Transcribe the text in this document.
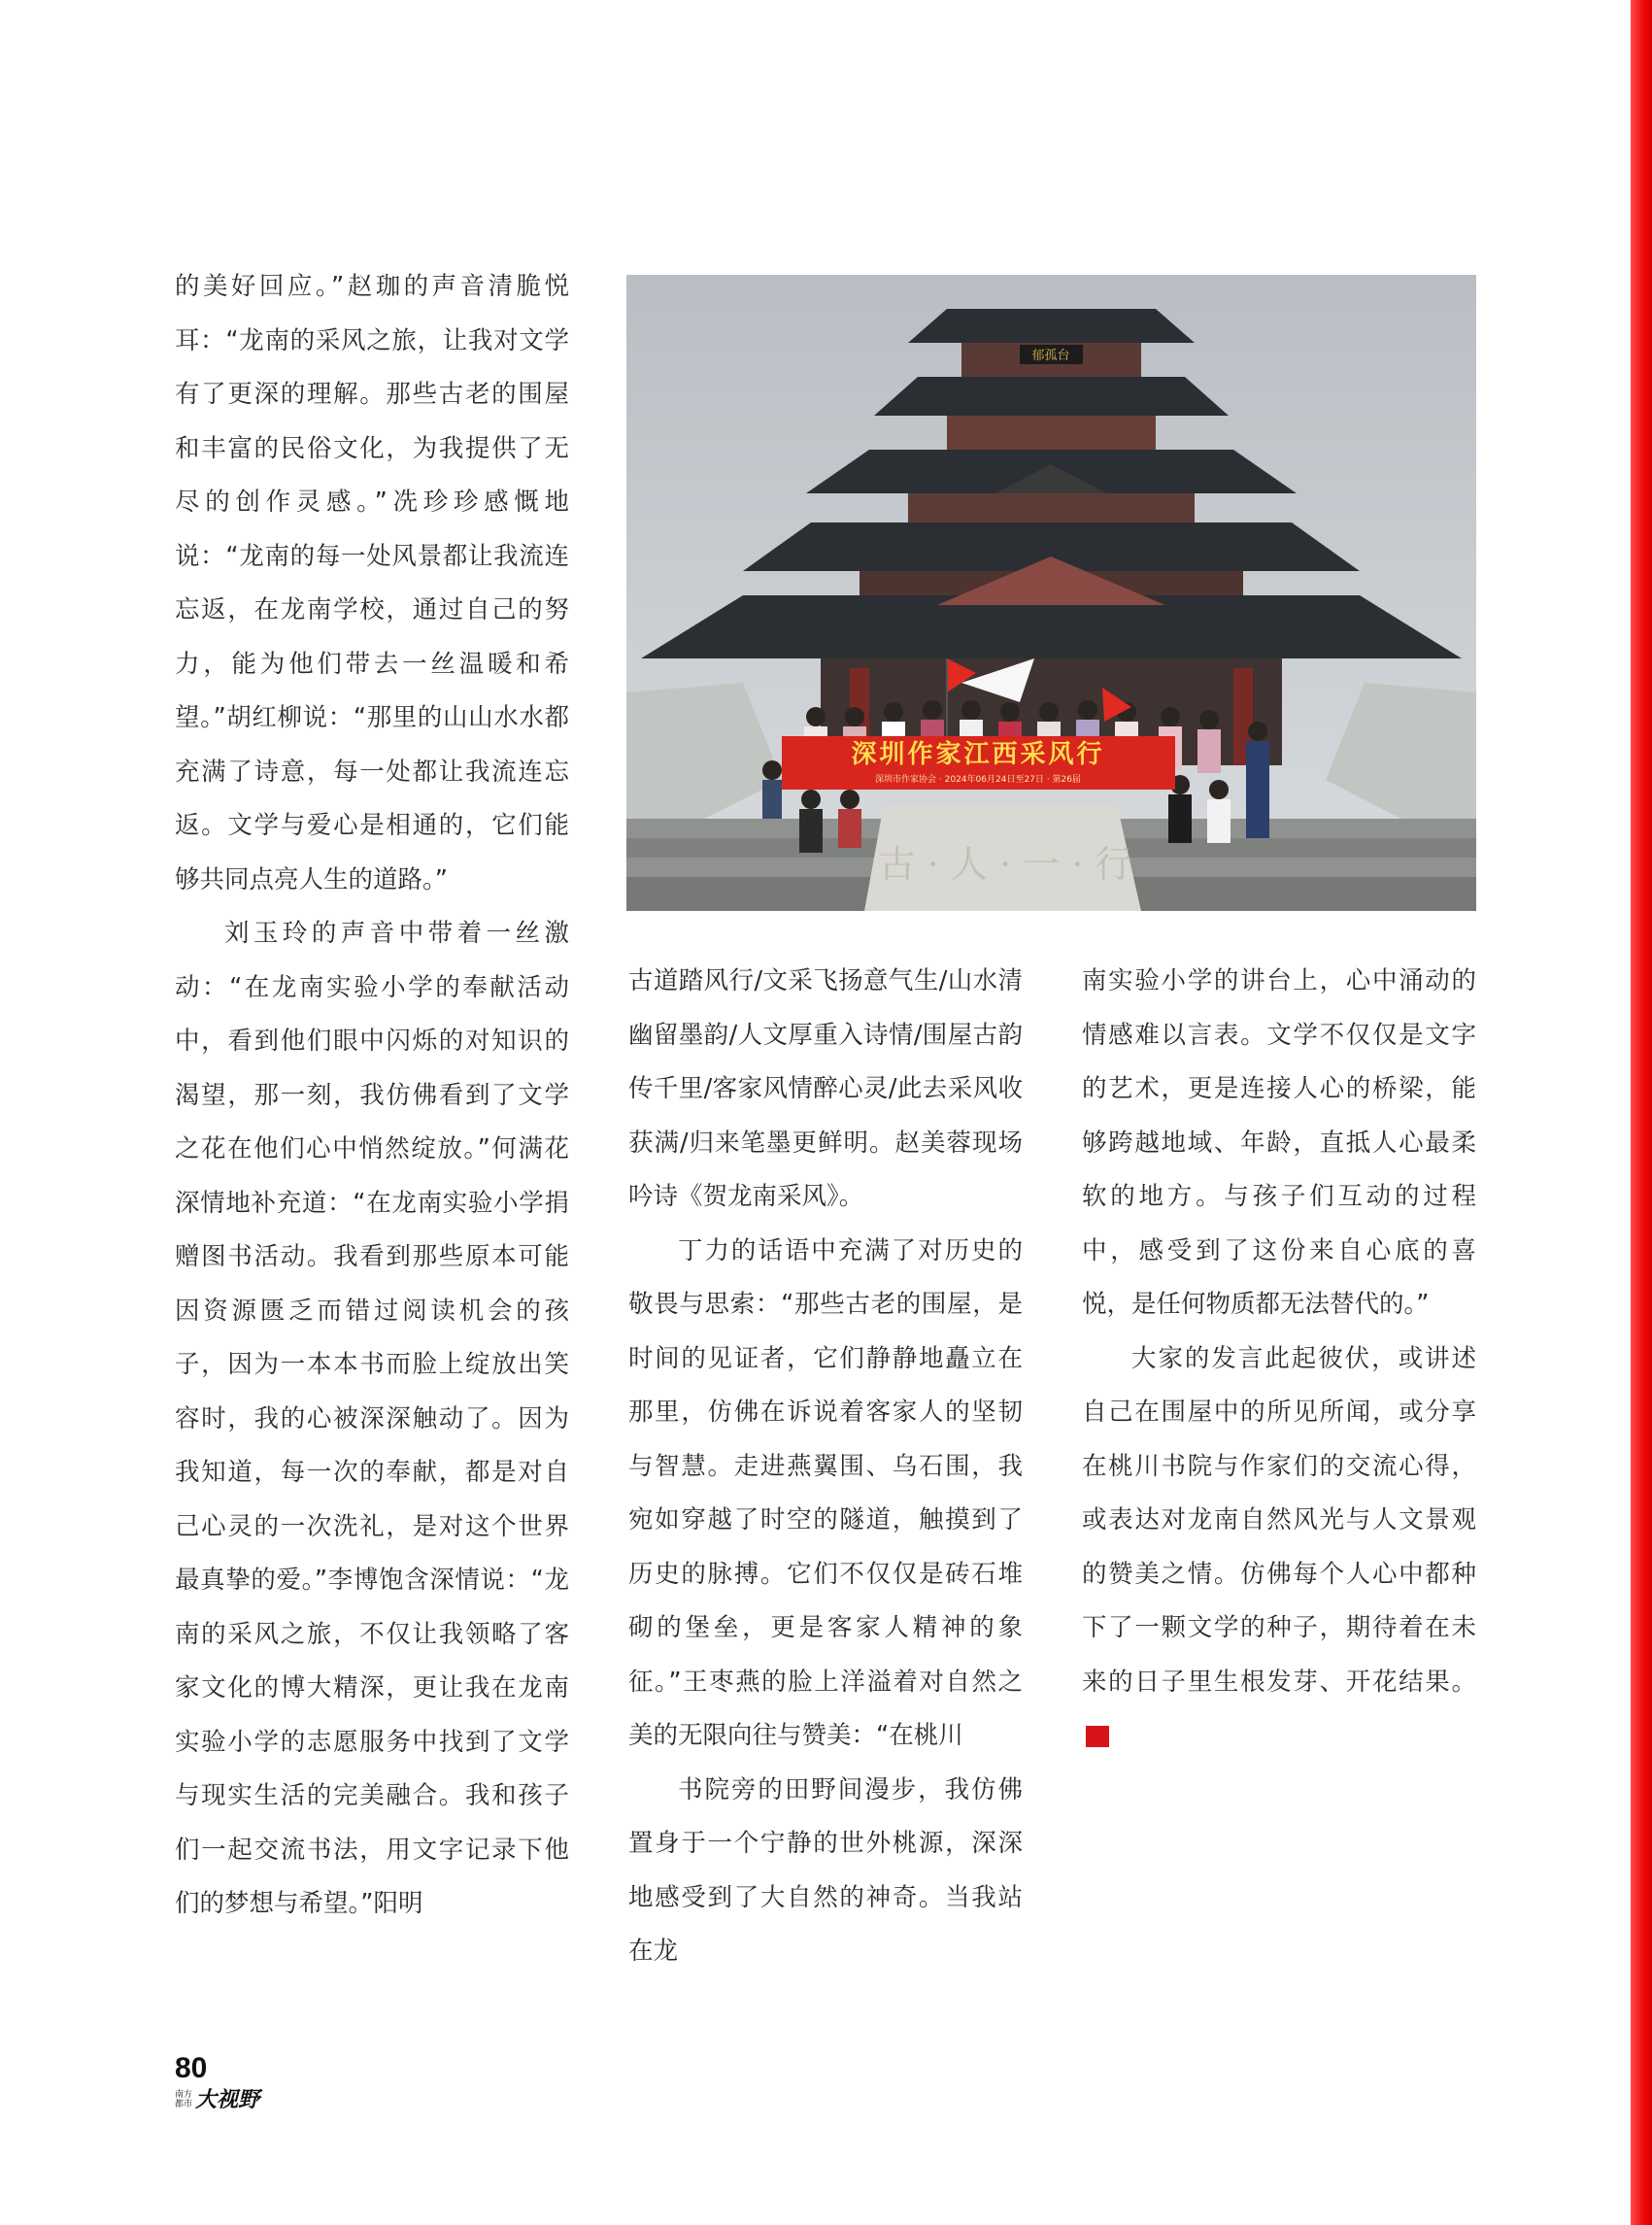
的美好回应。”赵珈的声音清脆悦耳：“龙南的采风之旅，让我对文学有了更深的理解。那些古老的围屋和丰富的民俗文化，为我提供了无尽的创作灵感。”冼珍珍感慨地说：“龙南的每一处风景都让我流连忘返，在龙南学校，通过自己的努力，能为他们带去一丝温暖和希望。”胡红柳说：“那里的山山水水都充满了诗意，每一处都让我流连忘返。文学与爱心是相通的，它们能够共同点亮人生的道路。”

刘玉玲的声音中带着一丝激动：“在龙南实验小学的奉献活动中，看到他们眼中闪烁的对知识的渴望，那一刻，我仿佛看到了文学之花在他们心中悄然绽放。”何满花深情地补充道：“在龙南实验小学捐赠图书活动。我看到那些原本可能因资源匮乏而错过阅读机会的孩子，因为一本本书而脸上绽放出笑容时，我的心被深深触动了。因为我知道，每一次的奉献，都是对自己心灵的一次洗礼，是对这个世界最真挚的爱。”李博饱含深情说：“龙南的采风之旅，不仅让我领略了客家文化的博大精深，更让我在龙南实验小学的志愿服务中找到了文学与现实生活的完美融合。我和孩子们一起交流书法，用文字记录下他们的梦想与希望。”阳明

郁孤台
古 · 人 · 一 · 行
深圳作家江西采风行
深圳市作家协会 · 2024年06月24日至27日 · 第26届

古道踏风行/文采飞扬意气生/山水清幽留墨韵/人文厚重入诗情/围屋古韵传千里/客家风情醉心灵/此去采风收获满/归来笔墨更鲜明。赵美蓉现场吟诗《贺龙南采风》。

丁力的话语中充满了对历史的敬畏与思索：“那些古老的围屋，是时间的见证者，它们静静地矗立在那里，仿佛在诉说着客家人的坚韧与智慧。走进燕翼围、乌石围，我宛如穿越了时空的隧道，触摸到了历史的脉搏。它们不仅仅是砖石堆砌的堡垒，更是客家人精神的象征。”王枣燕的脸上洋溢着对自然之美的无限向往与赞美：“在桃川

书院旁的田野间漫步，我仿佛置身于一个宁静的世外桃源，深深地感受到了大自然的神奇。当我站在龙

南实验小学的讲台上，心中涌动的情感难以言表。文学不仅仅是文字的艺术，更是连接人心的桥梁，能够跨越地域、年龄，直抵人心最柔软的地方。与孩子们互动的过程中，感受到了这份来自心底的喜悦，是任何物质都无法替代的。”

大家的发言此起彼伏，或讲述自己在围屋中的所见所闻，或分享在桃川书院与作家们的交流心得，或表达对龙南自然风光与人文景观的赞美之情。仿佛每个人心中都种下了一颗文学的种子，期待着在未来的日子里生根发芽、开花结果。N

80
南方
都市 大视野
